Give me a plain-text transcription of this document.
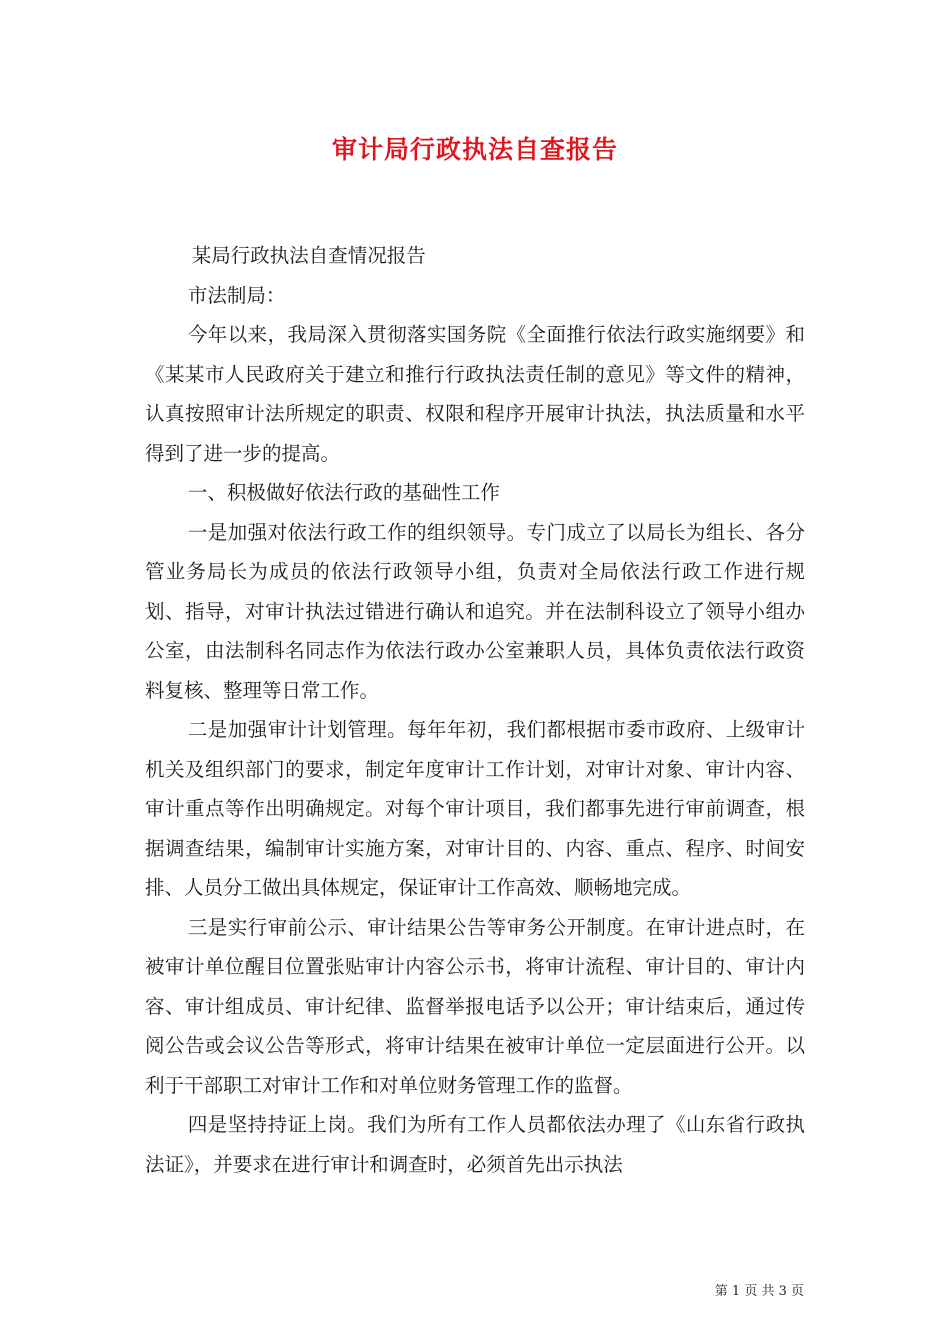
审计局行政执法自查报告

某局行政执法自查情况报告

市法制局：

今年以来，我局深入贯彻落实国务院《全面推行依法行政实施纲要》和《某某市人民政府关于建立和推行行政执法责任制的意见》等文件的精神，认真按照审计法所规定的职责、权限和程序开展审计执法，执法质量和水平得到了进一步的提高。

一、积极做好依法行政的基础性工作

一是加强对依法行政工作的组织领导。专门成立了以局长为组长、各分管业务局长为成员的依法行政领导小组，负责对全局依法行政工作进行规划、指导，对审计执法过错进行确认和追究。并在法制科设立了领导小组办公室，由法制科名同志作为依法行政办公室兼职人员，具体负责依法行政资料复核、整理等日常工作。

二是加强审计计划管理。每年年初，我们都根据市委市政府、上级审计机关及组织部门的要求，制定年度审计工作计划，对审计对象、审计内容、审计重点等作出明确规定。对每个审计项目，我们都事先进行审前调查，根据调查结果，编制审计实施方案，对审计目的、内容、重点、程序、时间安排、人员分工做出具体规定，保证审计工作高效、顺畅地完成。

三是实行审前公示、审计结果公告等审务公开制度。在审计进点时，在被审计单位醒目位置张贴审计内容公示书，将审计流程、审计目的、审计内容、审计组成员、审计纪律、监督举报电话予以公开；审计结束后，通过传阅公告或会议公告等形式，将审计结果在被审计单位一定层面进行公开。以利于干部职工对审计工作和对单位财务管理工作的监督。

四是坚持持证上岗。我们为所有工作人员都依法办理了《山东省行政执法证》，并要求在进行审计和调查时，必须首先出示执法

第 1 页 共 3 页
